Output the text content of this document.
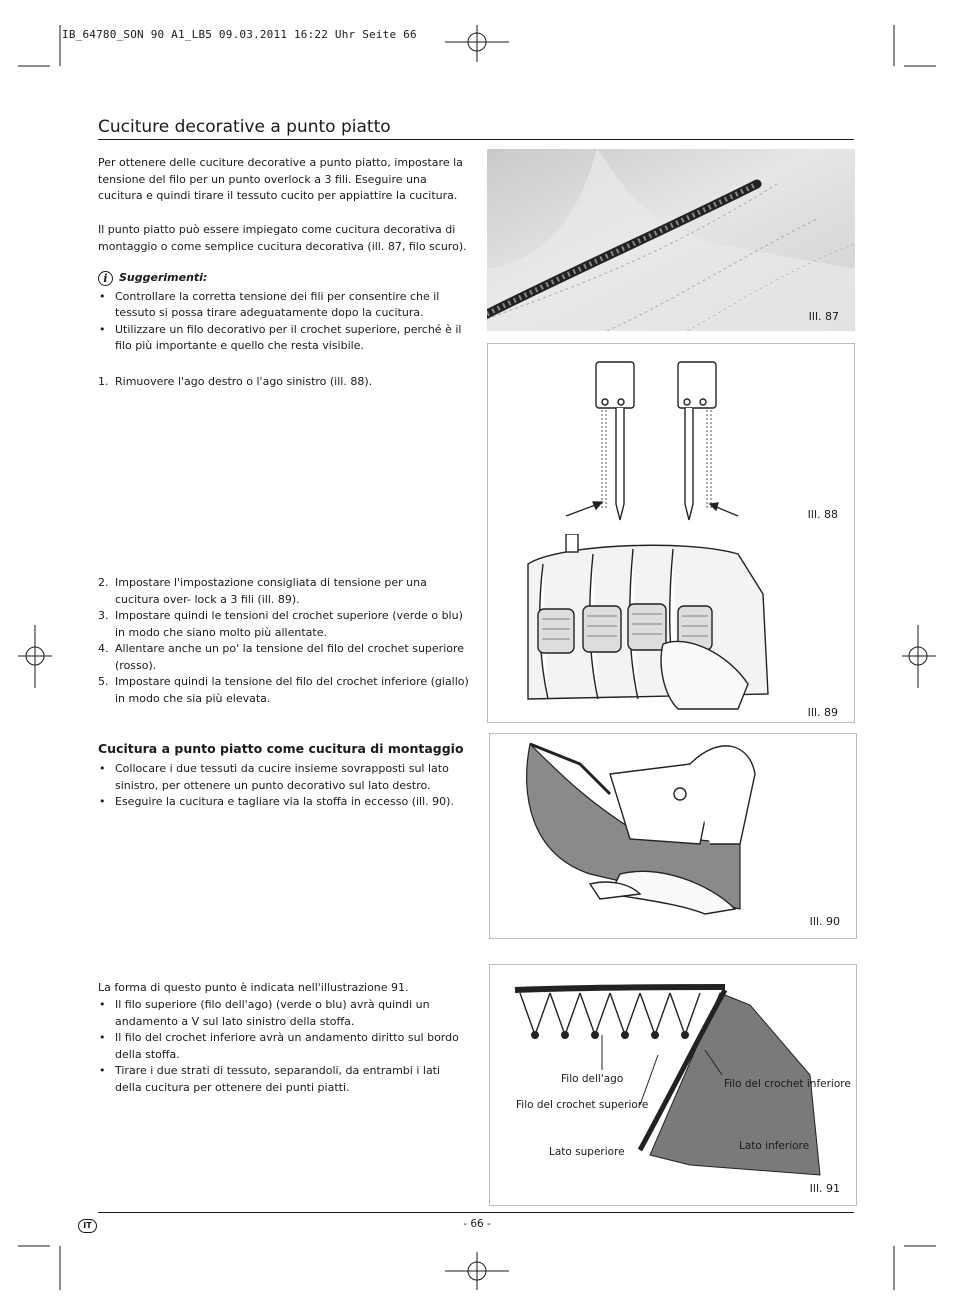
IB_64780_SON 90 A1_LB5 09.03.2011 16:22 Uhr Seite 66
Cuciture decorative a punto piatto
Per ottenere delle cuciture decorative a punto piatto, impostare la tensione del filo per un punto overlock a 3 fili. Eseguire una cucitura e quindi tirare il tessuto cucito per appiattire la cucitura.
Il punto piatto può essere impiegato come cucitura decorativa di montaggio o come semplice cucitura decorativa (ill. 87, filo scuro).
i	Suggerimenti:
• Controllare la corretta tensione dei fili per consentire che il tessuto si possa tirare adeguatamente dopo la cucitura.
• Utilizzare un filo decorativo per il crochet superiore, perché è il filo più importante e quello che resta visibile.
1. Rimuovere l'ago destro o l'ago sinistro (ill. 88).
2. Impostare l'impostazione consigliata di tensione per una cucitura over- lock a 3 fili (ill. 89).
3. Impostare quindi le tensioni del crochet superiore (verde o blu) in modo che siano molto più allentate.
4. Allentare anche un po' la tensione del filo del crochet superiore (rosso).
5. Impostare quindi la tensione del filo del crochet inferiore (giallo) in modo che sia più elevata.
Cucitura a punto piatto come cucitura di montaggio
• Collocare i due tessuti da cucire insieme sovrapposti sul lato sinistro, per ottenere un punto decorativo sul lato destro.
• Eseguire la cucitura e tagliare via la stoffa in eccesso (ill. 90).
La forma di questo punto è indicata nell'illustrazione 91.
• Il filo superiore (filo dell'ago) (verde o blu) avrà quindi un andamento a V sul lato sinistro della stoffa.
• Il filo del crochet inferiore avrà un andamento diritto sul bordo della stoffa.
• Tirare i due strati di tessuto, separandoli, da entrambi i lati della cucitura per ottenere dei punti piatti.
Ill. 87
Ill. 88
Ill. 89
Ill. 90
Filo dell'ago
Filo del crochet superiore
Filo del crochet inferiore
Lato superiore	Lato inferiore
Ill. 91
IT	- 66 -
